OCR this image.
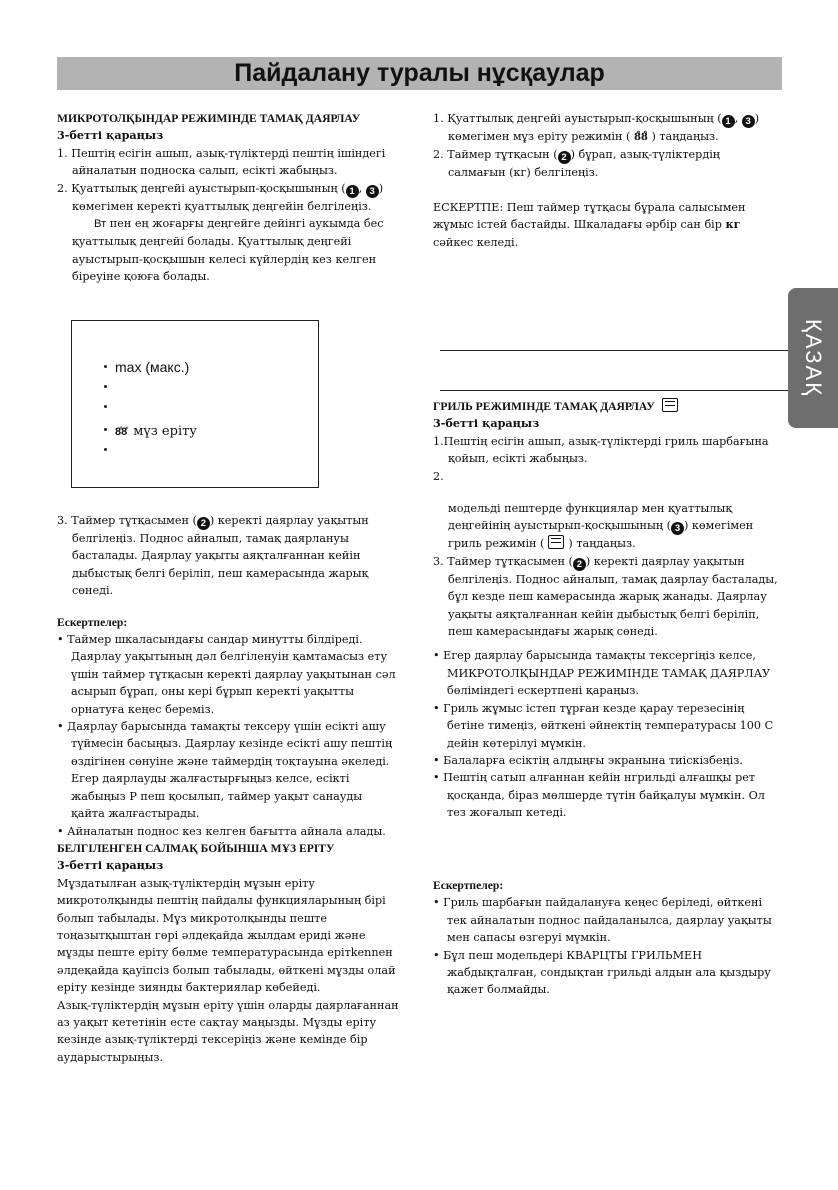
Пайдалану туралы нұсқаулар
ҚАЗАҚ

МИКРОТОЛҚЫНДАР РЕЖИМІНДЕ ТАМАҚ ДАЯРЛАУ

3-бетті қараңыз

1. Пештің есігін ашып, азық-түліктерді пештің ішіндегі айналатын подноска салып, есікті жабыңыз.

2. Қуаттылық деңгейі ауыстырып-қосқышының ( 1 , 3 ) көмегімен керекті қуаттылық деңгейін белгілеңіз. Вт пен ең жоғарғы деңгейге дейінгі аукымда бес қуаттылық деңгейі болады. Қуаттылық деңгейі ауыстырып-қосқышын келесі күйлердің кез келген біреуіне қоюға болады.

max (макс.)
8̊8̊ мүз еріту

3. Таймер тұтқасымен ( 2 ) керекті даярлау уақытын белгілеңіз. Поднос айналып, тамақ даярлануы басталады. Даярлау уақыты аяқталғаннан кейін дыбыстық белгі беріліп, пеш камерасында жарық сөнеді.

Ескертпелер:

• Таймер шкаласындағы сандар минутты білдіреді. Даярлау уақытының дәл белгіленуін қамтамасыз ету үшін таймер тұтқасын керекті даярлау уақытынан сәл асырып бұрап, оны кері бұрып керекті уақытты орнатуға кеңес береміз.

• Даярлау барысында тамақты тексеру үшін есікті ашу түймесін басыңыз. Даярлау кезінде есікті ашу пештің өздігінен сөнуіне және таймердің тоқтауына әкеледі. Егер даярлауды жалғастырғыңыз келсе, есікті жабыңыз Р пеш қосылып, таймер уақыт санауды қайта жалғастырады.

• Айналатын поднос кез келген бағытта айнала алады.

БЕЛГІЛЕНГЕН САЛМАҚ БОЙЫНША МҰЗ ЕРІТУ

3-бетті қараңыз

Мұздатылған азық-түліктердің мұзын еріту микротолқынды пештің пайдалы функцияларының бірі болып табылады. Мұз микротолқынды пеште тоңазытқыштан гөрі әлдеқайда жылдам ериді және мұзды пеште еріту бөлме температурасында ерітkennен әлдеқайда қауіпсіз болып табылады, өйткені мұзды олай еріту кезінде зиянды бактериялар көбейеді.

Азық-түліктердің мұзын еріту үшін оларды даярлағаннан аз уақыт кететінін есте сақтау маңызды. Мұзды еріту кезінде азық-түліктерді тексеріңіз және кемінде бір аударыстырыңыз.

1. Қуаттылық деңгейі ауыстырып-қосқышының ( 1 , 3 ) көмегімен мұз еріту режимін ( 8̊8̊ ) таңдаңыз.

2. Таймер тұтқасын ( 2 ) бұрап, азық-түліктердің салмағын (кг) белгілеңіз.

ЕСКЕРТПЕ: Пеш таймер тұтқасы бұрала салысымен жұмыс істей бастайды. Шкаладағы әрбір сан бір кг сәйкес келеді.

ГРИЛЬ РЕЖИМІНДЕ ТАМАҚ ДАЯРЛАУ

3-бетті қараңыз

1.Пештің есігін ашып, азық-түліктерді гриль шарбағына қойып, есікті жабыңыз.

2.

модельді пештерде функциялар мен қуаттылық деңгейінің ауыстырып-қосқышының ( 3 ) көмегімен гриль режимін ( ) таңдаңыз.

3. Таймер тұтқасымен ( 2 ) керекті даярлау уақытын белгілеңіз. Поднос айналып, тамақ даярлау басталады, бұл кезде пеш камерасында жарық жанады. Даярлау уақыты аяқталғаннан кейін дыбыстық белгі беріліп, пеш камерасындағы жарық сөнеді.

• Егер даярлау барысында тамақты тексергіңіз келсе, МИКРОТОЛҚЫНДАР РЕЖИМІНДЕ ТАМАҚ ДАЯРЛАУ бөліміндегі ескертпені қараңыз.

• Гриль жұмыс істеп тұрған кезде қарау терезесінің бетіне тимеңіз, өйткені әйнектің температурасы 100 С дейін көтерілуі мүмкін.

• Балаларға есіктің алдыңғы экранына тиіскізбеңіз.

• Пештің сатып алғаннан кейін нгрильді алғашқы рет қосқанда, біраз мөлшерде түтін байқалуы мүмкін. Ол тез жоғалып кетеді.

Ескертпелер:

• Гриль шарбағын пайдалануға кеңес беріледі, өйткені тек айналатын поднос пайдаланылса, даярлау уақыты мен сапасы өзгеруі мүмкін.

• Бұл пеш модельдері КВАРЦТЫ ГРИЛЬМЕН жабдықталған, сондықтан грильді алдын ала қыздыру қажет болмайды.
